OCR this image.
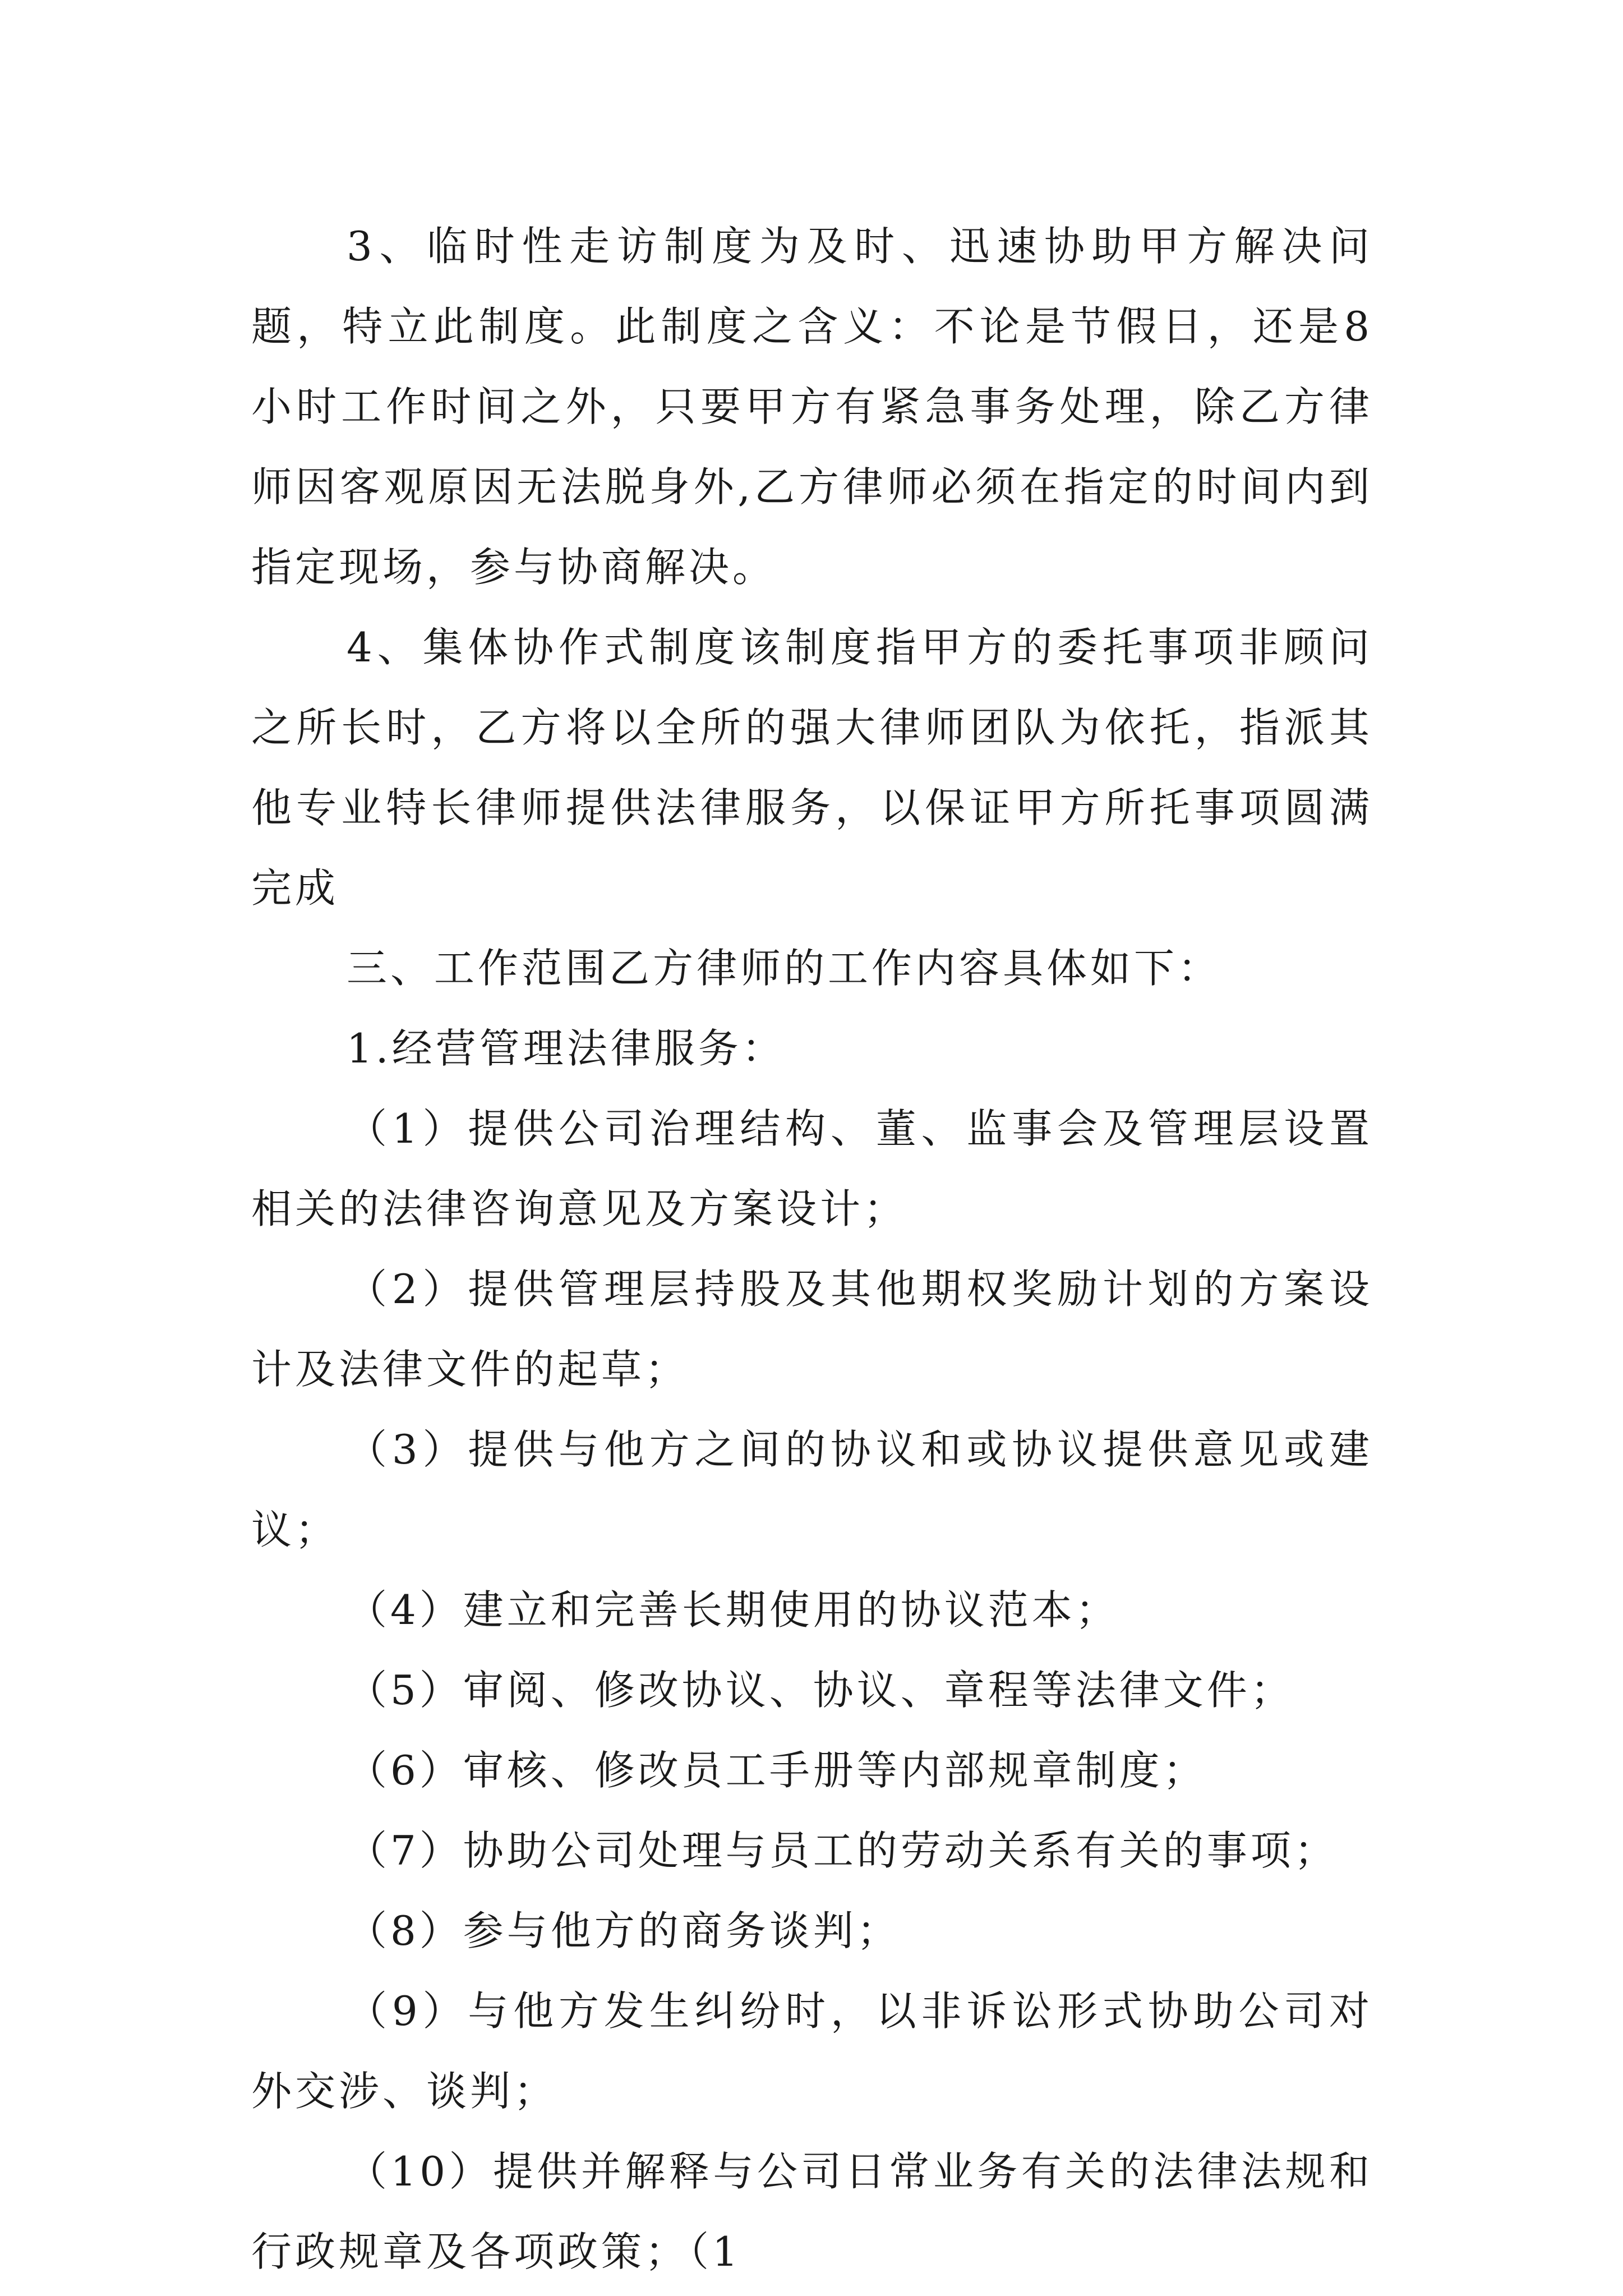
3、临时性走访制度为及时、迅速协助甲方解决问题，特立此制度。此制度之含义：不论是节假日，还是8小时工作时间之外，只要甲方有紧急事务处理，除乙方律师因客观原因无法脱身外,乙方律师必须在指定的时间内到指定现场，参与协商解决。

4、集体协作式制度该制度指甲方的委托事项非顾问之所长时，乙方将以全所的强大律师团队为依托，指派其他专业特长律师提供法律服务，以保证甲方所托事项圆满完成

三、工作范围乙方律师的工作内容具体如下：

1.经营管理法律服务：

（1）提供公司治理结构、董、监事会及管理层设置相关的法律咨询意见及方案设计；

（2）提供管理层持股及其他期权奖励计划的方案设计及法律文件的起草；

（3）提供与他方之间的协议和或协议提供意见或建议；

（4）建立和完善长期使用的协议范本；

（5）审阅、修改协议、协议、章程等法律文件；

（6）审核、修改员工手册等内部规章制度；

（7）协助公司处理与员工的劳动关系有关的事项；

（8）参与他方的商务谈判；

（9）与他方发生纠纷时，以非诉讼形式协助公司对外交涉、谈判；

（10）提供并解释与公司日常业务有关的法律法规和行政规章及各项政策；（1
